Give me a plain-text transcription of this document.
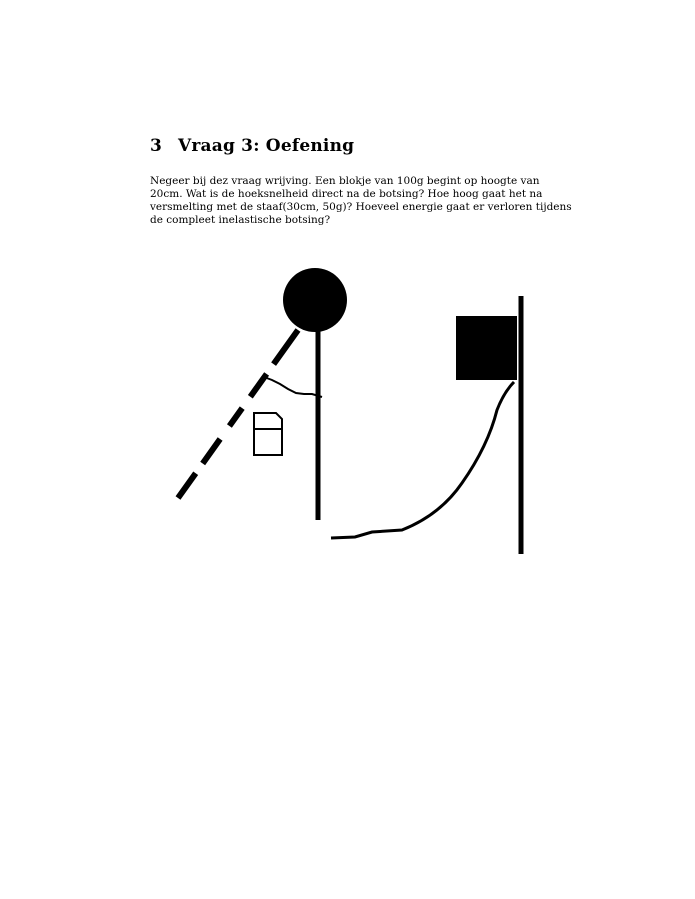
3 Vraag 3: Oefening
Negeer bij dez vraag wrijving. Een blokje van 100g begint op hoogte van
20cm. Wat is de hoeksnelheid direct na de botsing? Hoe hoog gaat het na
versmelting met de staaf(30cm, 50g)? Hoeveel energie gaat er verloren tijdens
de compleet inelastische botsing?
